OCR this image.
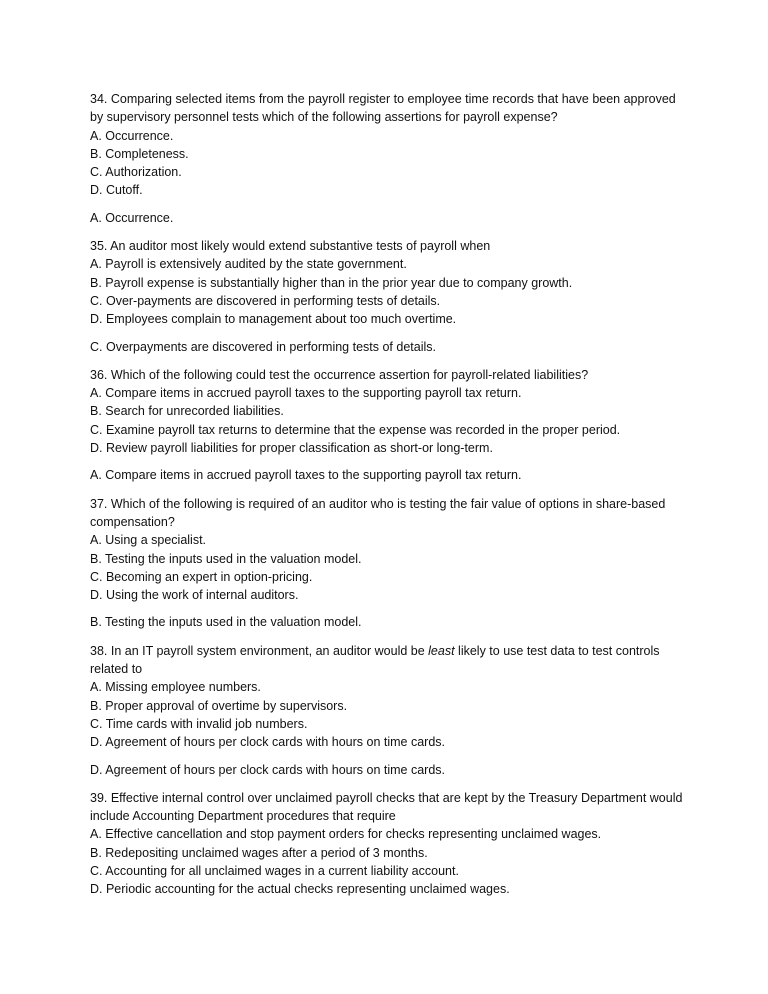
34. Comparing selected items from the payroll register to employee time records that have been approved by supervisory personnel tests which of the following assertions for payroll expense?
A. Occurrence.
B. Completeness.
C. Authorization.
D. Cutoff.
A. Occurrence.
35. An auditor most likely would extend substantive tests of payroll when
A. Payroll is extensively audited by the state government.
B. Payroll expense is substantially higher than in the prior year due to company growth.
C. Over-payments are discovered in performing tests of details.
D. Employees complain to management about too much overtime.
C. Overpayments are discovered in performing tests of details.
36. Which of the following could test the occurrence assertion for payroll-related liabilities?
A. Compare items in accrued payroll taxes to the supporting payroll tax return.
B. Search for unrecorded liabilities.
C. Examine payroll tax returns to determine that the expense was recorded in the proper period.
D. Review payroll liabilities for proper classification as short-or long-term.
A. Compare items in accrued payroll taxes to the supporting payroll tax return.
37. Which of the following is required of an auditor who is testing the fair value of options in share-based compensation?
A. Using a specialist.
B. Testing the inputs used in the valuation model.
C. Becoming an expert in option-pricing.
D. Using the work of internal auditors.
B. Testing the inputs used in the valuation model.
38. In an IT payroll system environment, an auditor would be least likely to use test data to test controls related to
A. Missing employee numbers.
B. Proper approval of overtime by supervisors.
C. Time cards with invalid job numbers.
D. Agreement of hours per clock cards with hours on time cards.
D. Agreement of hours per clock cards with hours on time cards.
39. Effective internal control over unclaimed payroll checks that are kept by the Treasury Department would include Accounting Department procedures that require
A. Effective cancellation and stop payment orders for checks representing unclaimed wages.
B. Redepositing unclaimed wages after a period of 3 months.
C. Accounting for all unclaimed wages in a current liability account.
D. Periodic accounting for the actual checks representing unclaimed wages.
